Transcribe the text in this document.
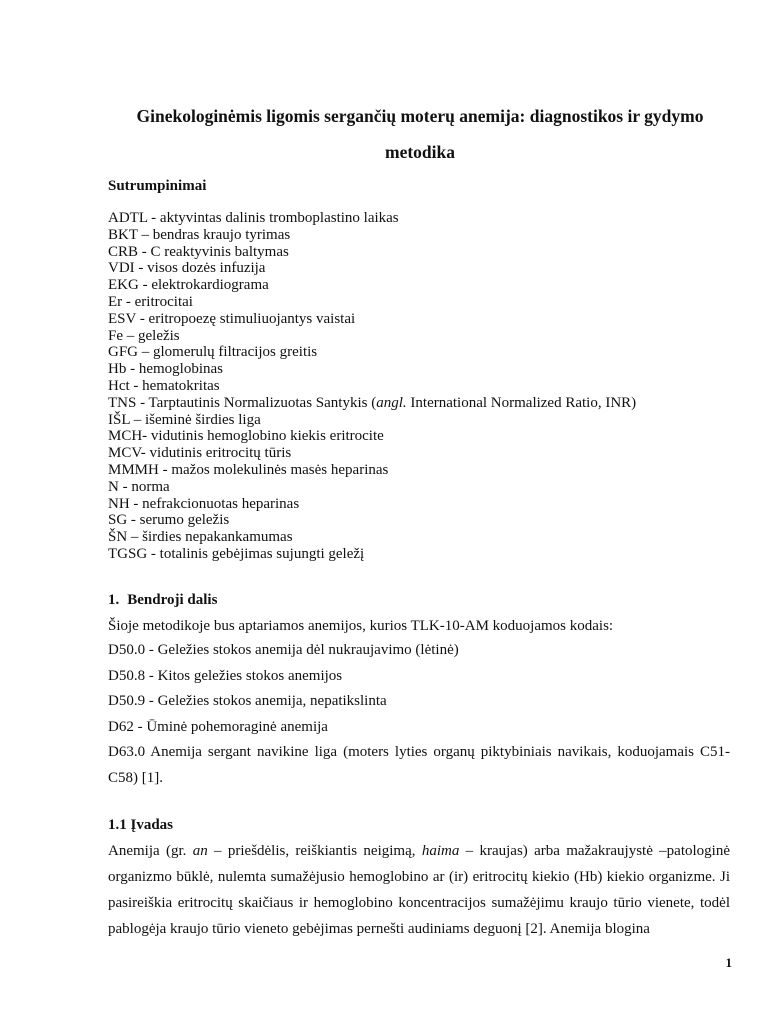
Ginekologinėmis ligomis sergančių moterų anemija: diagnostikos ir gydymo metodika
Sutrumpinimai
ADTL - aktyvintas dalinis tromboplastino laikas
BKT – bendras kraujo tyrimas
CRB - C reaktyvinis baltymas
VDI - visos dozės infuzija
EKG - elektrokardiograma
Er - eritrocitai
ESV - eritropoezę stimuliuojantys vaistai
Fe – geležis
GFG – glomerulų filtracijos greitis
Hb - hemoglobinas
Hct - hematokritas
TNS - Tarptautinis Normalizuotas Santykis (angl. International Normalized Ratio, INR)
IŠL – išeminė širdies liga
MCH- vidutinis hemoglobino kiekis eritrocite
MCV- vidutinis eritrocitų tūris
MMMH - mažos molekulinės masės heparinas
N - norma
NH - nefrakcionuotas heparinas
SG - serumo geležis
ŠN – širdies nepakankamumas
TGSG - totalinis gebėjimas sujungti geležį
1. Bendroji dalis
Šioje metodikoje bus aptariamos anemijos, kurios TLK-10-AM koduojamos kodais:
D50.0 - Geležies stokos anemija dėl nukraujavimo (lėtinė)
D50.8 - Kitos geležies stokos anemijos
D50.9 - Geležies stokos anemija, nepatikslinta
D62 - Ūminė pohemoraginė anemija
D63.0 Anemija sergant navikine liga (moters lyties organų piktybiniais navikais, koduojamais C51-C58) [1].
1.1 Įvadas

Anemija (gr. an – priešdėlis, reiškiantis neigimą, haima – kraujas) arba mažakraujystė –patologinė organizmo būklė, nulemta sumažėjusio hemoglobino ar (ir) eritrocitų kiekio (Hb) kiekio organizme. Ji pasireiškia eritrocitų skaičiaus ir hemoglobino koncentracijos sumažėjimu kraujo tūrio vienete, todėl pablogėja kraujo tūrio vieneto gebėjimas pernešti audiniams deguonį [2]. Anemija blogina

1
